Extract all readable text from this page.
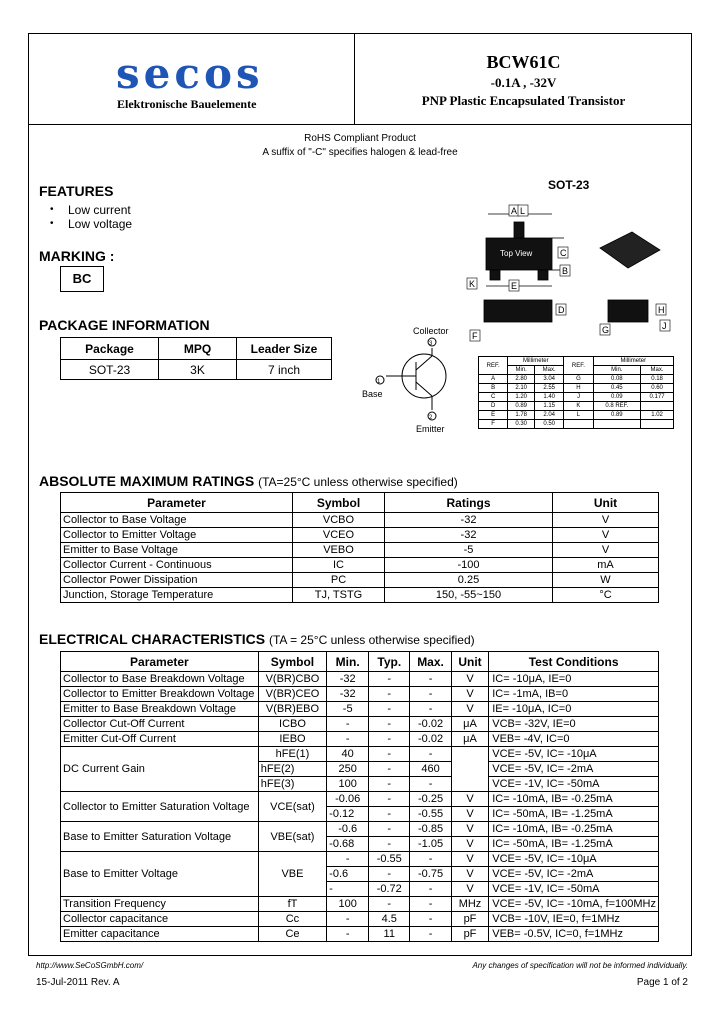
secos
Elektronische Bauelemente
BCW61C
-0.1A , -32V
PNP Plastic Encapsulated Transistor
RoHS Compliant Product
A suffix of "-C" specifies halogen & lead-free
FEATURES
• Low current
• Low voltage
MARKING :
BC
PACKAGE INFORMATION
Package	MPQ	Leader Size
SOT-23	3K	7 inch
SOT-23
Top View
A
C
B
K	E
D
F
H
L
J
G
Collector
3
1
Base
2
Emitter
REF.	Millimeter		REF.	Millimeter	
	Min.	Max.		Min.	Max.
A	2.80	3.04	G	0.08	0.18
B	2.10	2.55	H	0.45	0.60
C	1.20	1.40	J	0.09	0.177
D	0.89	1.15	K	0.8 REF.	
E	1.78	2.04	L	0.89	1.02
F	0.30	0.50			
ABSOLUTE MAXIMUM RATINGS (TA=25°C unless otherwise specified)
Parameter	Symbol	Ratings	Unit
Collector to Base Voltage	VCBO	-32	V
Collector to Emitter Voltage	VCEO	-32	V
Emitter to Base Voltage	VEBO	-5	V
Collector Current - Continuous	IC	-100	mA
Collector Power Dissipation	PC	0.25	W
Junction, Storage Temperature	TJ, TSTG	150, -55~150	°C
ELECTRICAL CHARACTERISTICS (TA = 25°C unless otherwise specified)
Parameter	Symbol	Min.	Typ.	Max.	Unit	Test Conditions
Collector to Base Breakdown Voltage	V(BR)CBO	-32	-	-	V	IC= -10μA, IE=0
Collector to Emitter Breakdown Voltage	V(BR)CEO	-32	-	-	V	IC= -1mA, IB=0
Emitter to Base Breakdown Voltage	V(BR)EBO	-5	-	-	V	IE= -10μA, IC=0
Collector Cut-Off Current	ICBO	-	-	-0.02	μA	VCB= -32V, IE=0
Emitter Cut-Off Current	IEBO	-	-	-0.02	μA	VEB= -4V, IC=0
DC Current Gain	hFE(1)	40	-	-		VCE= -5V, IC= -10μA
	hFE(2)	250	-	460		VCE= -5V, IC= -2mA
	hFE(3)	100	-	-		VCE= -1V, IC= -50mA
Collector to Emitter Saturation Voltage	VCE(sat)	-0.06	-	-0.25	V	IC= -10mA, IB= -0.25mA
		-0.12	-	-0.55	V	IC= -50mA, IB= -1.25mA
Base to Emitter Saturation Voltage	VBE(sat)	-0.6	-	-0.85	V	IC= -10mA, IB= -0.25mA
		-0.68	-	-1.05	V	IC= -50mA, IB= -1.25mA
Base to Emitter Voltage	VBE	-	-0.55	-	V	VCE= -5V, IC= -10μA
		-0.6	-	-0.75	V	VCE= -5V, IC= -2mA
		-	-0.72	-	V	VCE= -1V, IC= -50mA
Transition Frequency	fT	100	-	-	MHz	VCE= -5V, IC= -10mA, f=100MHz
Collector capacitance	Cc	-	4.5	-	pF	VCB= -10V, IE=0, f=1MHz
Emitter capacitance	Ce	-	11	-	pF	VEB= -0.5V, IC=0, f=1MHz
http://www.SeCoSGmbH.com/	Any changes of specification will not be informed individually.
15-Jul-2011 Rev. A	Page 1 of 2
